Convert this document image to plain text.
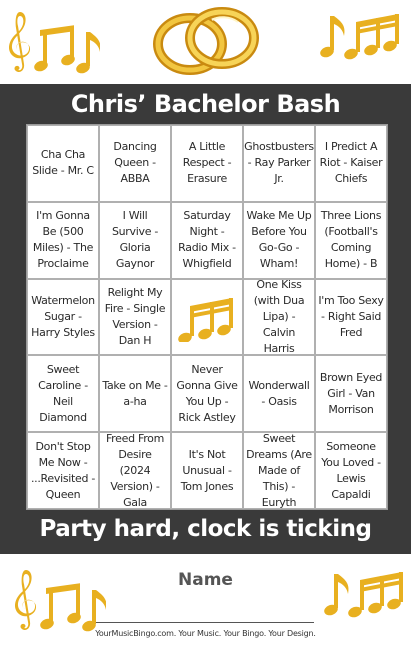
Chris’ Bachelor Bash
Cha Cha Slide - Mr. C
Dancing Queen - ABBA
A Little Respect - Erasure
Ghostbusters - Ray Parker Jr.
I Predict A Riot - Kaiser Chiefs
I'm Gonna Be (500 Miles) - The Proclaime
I Will Survive - Gloria Gaynor
Saturday Night - Radio Mix - Whigfield
Wake Me Up Before You Go-Go - Wham!
Three Lions (Football's Coming Home) - B
Watermelon Sugar - Harry Styles
Relight My Fire - Single Version - Dan H
One Kiss (with Dua Lipa) - Calvin Harris
I'm Too Sexy - Right Said Fred
Sweet Caroline - Neil Diamond
Take on Me - a-ha
Never Gonna Give You Up - Rick Astley
Wonderwall - Oasis
Brown Eyed Girl - Van Morrison
Don't Stop Me Now - ...Revisited - Queen
Freed From Desire (2024 Version) - Gala
It's Not Unusual - Tom Jones
Sweet Dreams (Are Made of This) - Euryth
Someone You Loved - Lewis Capaldi
Party hard, clock is ticking
Name
YourMusicBingo.com. Your Music. Your Bingo. Your Design.
